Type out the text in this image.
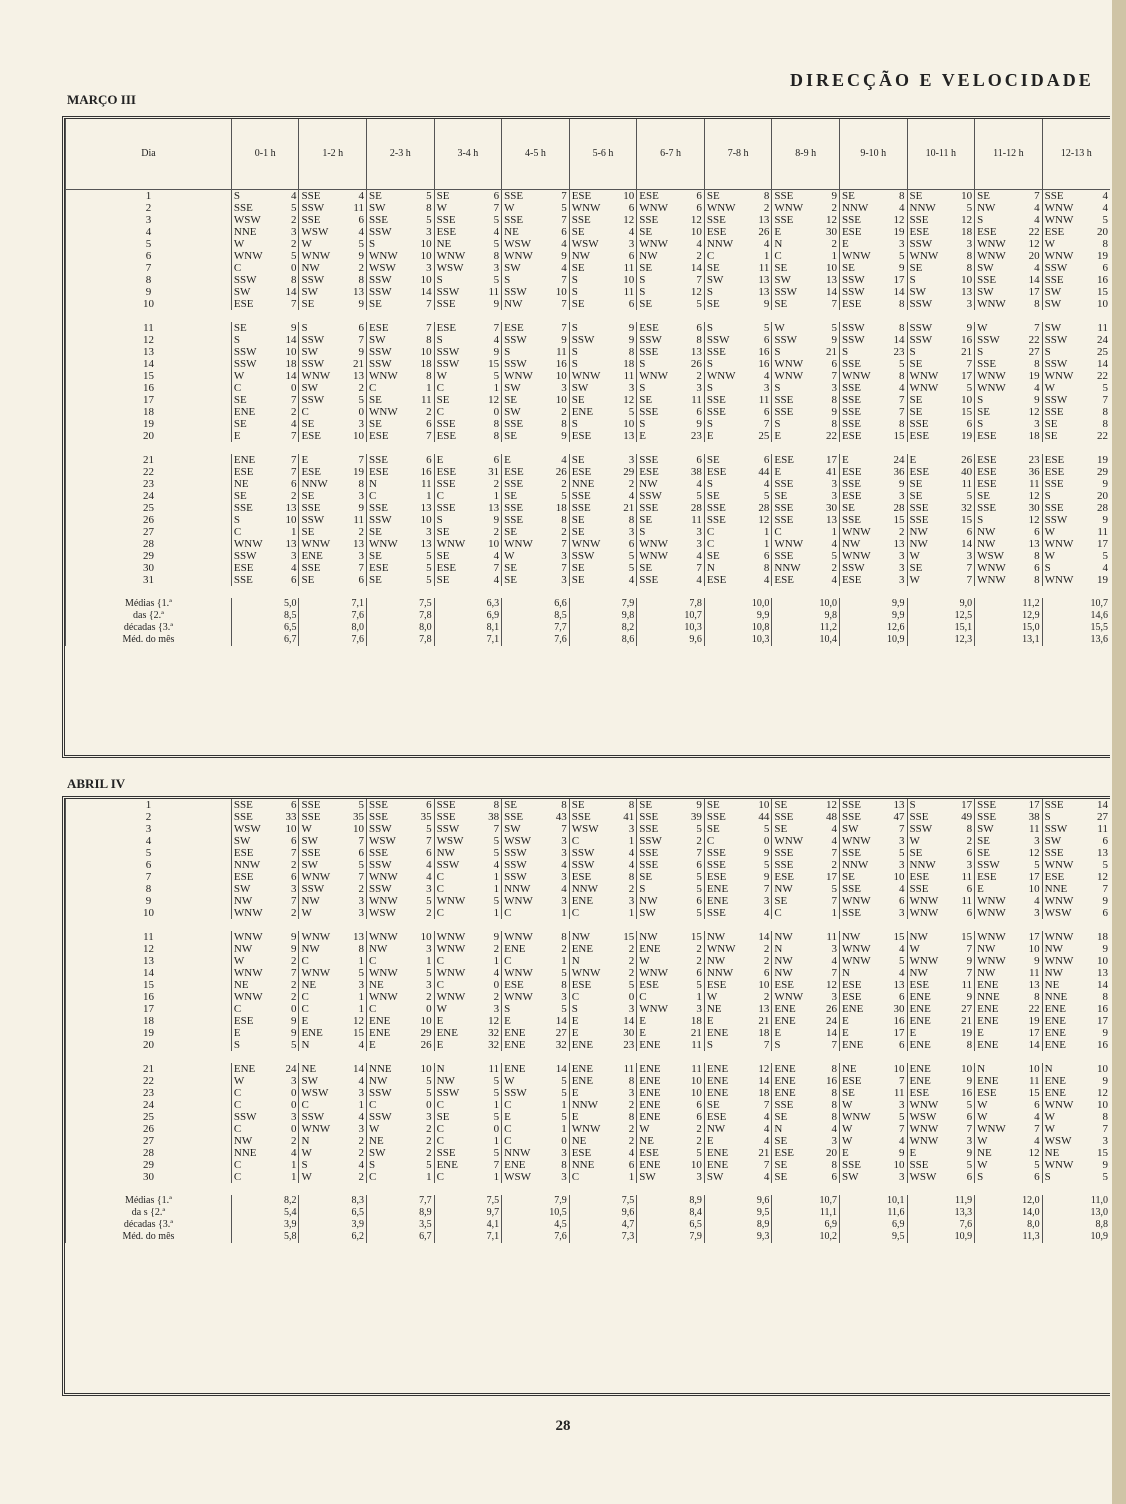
DIRECÇÃO E VELOCIDADE
MARÇO III
Dia	0-1 h		1-2 h		2-3 h		3-4 h		4-5 h		5-6 h		6-7 h		7-8 h		8-9 h		9-10 h		10-11 h		11-12 h		12-13 h	
1	S	4	SSE	4	SE	5	SE	6	SSE	7	ESE	10	ESE	6	SE	8	SSE	9	SE	8	SE	10	SE	7	SSE	4
2	SSE	5	SSW	11	SW	8	W	7	W	5	WNW	6	WNW	6	WNW	2	WNW	2	NNW	4	NNW	5	NW	4	WNW	4
3	WSW	2	SSE	6	SSE	5	SSE	5	SSE	7	SSE	12	SSE	12	SSE	13	SSE	12	SSE	12	SSE	12	S	4	WNW	5
4	NNE	3	WSW	4	SSW	3	ESE	4	NE	6	SE	4	SE	10	ESE	26	E	30	ESE	19	ESE	18	ESE	22	ESE	20
5	W	2	W	5	S	10	NE	5	WSW	4	WSW	3	WNW	4	NNW	4	N	2	E	3	SSW	3	WNW	12	W	8
6	WNW	5	WNW	9	WNW	10	WNW	8	WNW	9	NW	6	NW	2	C	1	C	1	WNW	5	WNW	8	WNW	20	WNW	19
7	C	0	NW	2	WSW	3	WSW	3	SW	4	SE	11	SE	14	SE	11	SE	10	SE	9	SE	8	SW	4	SSW	6
8	SSW	8	SSW	8	SSW	10	S	5	S	7	S	10	S	7	SW	13	SW	13	SSW	17	S	10	SSE	14	SSE	16
9	SW	14	SW	13	SSW	14	SSW	11	SSW	10	S	11	S	12	S	13	SSW	14	SSW	14	SW	13	SW	17	SW	15
10	ESE	7	SE	9	SE	7	SSE	9	NW	7	SE	6	SE	5	SE	9	SE	7	ESE	8	SSW	3	WNW	8	SW	10

11	SE	9	S	6	ESE	7	ESE	7	ESE	7	S	9	ESE	6	S	5	W	5	SSW	8	SSW	9	W	7	SW	11
12	S	14	SSW	7	SW	8	S	4	SSW	9	SSW	9	SSW	8	SSW	6	SSW	9	SSW	14	SSW	16	SSW	22	SSW	24
13	SSW	10	SW	9	SSW	10	SSW	9	S	11	S	8	SSE	13	SSE	16	S	21	S	23	S	21	S	27	S	25
14	SSW	18	SSW	21	SSW	18	SSW	15	SSW	16	S	18	S	26	S	16	WNW	6	SSE	5	SE	7	SSE	8	SSW	14
15	W	14	WNW	13	WNW	8	W	5	WNW	10	WNW	11	WNW	2	WNW	4	WNW	7	WNW	8	WNW	17	WNW	19	WNW	22
16	C	0	SW	2	C	1	C	1	SW	3	SW	3	S	3	S	3	S	3	SSE	4	WNW	5	WNW	4	W	5
17	SE	7	SSW	5	SE	11	SE	12	SE	10	SE	12	SE	11	SSE	11	SSE	8	SSE	7	SE	10	S	9	SSW	7
18	ENE	2	C	0	WNW	2	C	0	SW	2	ENE	5	SSE	6	SSE	6	SSE	9	SSE	7	SE	15	SE	12	SSE	8
19	SE	4	SE	3	SE	6	SSE	8	SSE	8	S	10	S	9	S	7	S	8	SSE	8	SSE	6	S	3	SE	8
20	E	7	ESE	10	ESE	7	ESE	8	SE	9	ESE	13	E	23	E	25	E	22	ESE	15	ESE	19	ESE	18	SE	22

21	ENE	7	E	7	SSE	6	E	6	E	4	SE	3	SSE	6	SE	6	ESE	17	E	24	E	26	ESE	23	ESE	19
22	ESE	7	ESE	19	ESE	16	ESE	31	ESE	26	ESE	29	ESE	38	ESE	44	E	41	ESE	36	ESE	40	ESE	36	ESE	29
23	NE	6	NNW	8	N	11	SSE	2	SSE	2	NNE	2	NW	4	S	4	SSE	3	SSE	9	SE	11	ESE	11	SSE	9
24	SE	2	SE	3	C	1	C	1	SE	5	SSE	4	SSW	5	SE	5	SE	3	ESE	3	SE	5	SE	12	S	20
25	SSE	13	SSE	9	SSE	13	SSE	13	SSE	18	SSE	21	SSE	28	SSE	28	SSE	30	SE	28	SSE	32	SSE	30	SSE	28
26	S	10	SSW	11	SSW	10	S	9	SSE	8	SE	8	SE	11	SSE	12	SSE	13	SSE	15	SSE	15	S	12	SSW	9
27	C	1	SE	2	SE	3	SE	2	SE	2	SE	3	S	3	C	1	C	1	WNW	2	NW	6	NW	6	W	11
28	WNW	13	WNW	13	WNW	13	WNW	10	WNW	7	WNW	6	WNW	3	C	1	WNW	4	NW	13	NW	14	NW	13	WNW	17
29	SSW	3	ENE	3	SE	5	SE	4	W	3	SSW	5	WNW	4	SE	6	SSE	5	WNW	3	W	3	WSW	8	W	5
30	ESE	4	SSE	7	ESE	5	ESE	7	SE	7	SE	5	SE	7	N	8	NNW	2	SSW	3	SE	7	WNW	6	S	4
31	SSE	6	SE	6	SE	5	SE	4	SE	3	SE	4	SSE	4	ESE	4	ESE	4	ESE	3	W	7	WNW	8	WNW	19

Médias {1.ª	5,0		7,1		7,5		6,3		6,6		7,9		7,8		10,0		10,0		9,9		9,0		11,2		10,7	
das {2.ª	8,5		7,6		7,8		6,9		8,5		9,8		10,7		9,9		9,8		9,9		12,5		12,9		14,6	
décadas {3.ª	6,5		8,0		8,0		8,1		7,7		8,2		10,3		10,8		11,2		12,6		15,1		15,0		15,5	
Méd. do mês	6,7		7,6		7,8		7,1		7,6		8,6		9,6		10,3		10,4		10,9		12,3		13,1		13,6	
ABRIL IV
1	SSE	6	SSE	5	SSE	6	SSE	8	SE	8	SE	8	SE	9	SE	10	SE	12	SSE	13	S	17	SSE	17	SSE	14
2	SSE	33	SSE	35	SSE	35	SSE	38	SSE	43	SSE	41	SSE	39	SSE	44	SSE	48	SSE	47	SSE	49	SSE	38	S	27
3	WSW	10	W	10	SSW	5	SSW	7	SW	7	WSW	3	SSE	5	SE	5	SE	4	SW	7	SSW	8	SW	11	SSW	11
4	SW	6	SW	7	WSW	7	WSW	5	WSW	3	C	1	SSW	2	C	0	WNW	4	WNW	3	W	2	SE	3	SW	6
5	ESE	7	SSE	6	SSE	6	NW	5	SSW	3	SSW	4	SSE	7	SSE	9	SSE	7	SSE	5	SE	6	SE	12	SSE	13
6	NNW	2	SW	5	SSW	4	SSW	4	SSW	4	SSW	4	SSE	6	SSE	5	SSE	2	NNW	3	NNW	3	SSW	5	WNW	5
7	ESE	6	WNW	7	WNW	4	C	1	SSW	3	ESE	8	SE	5	ESE	9	ESE	17	SE	10	ESE	11	ESE	17	ESE	12
8	SW	3	SSW	2	SSW	3	C	1	NNW	4	NNW	2	S	5	ENE	7	NW	5	SSE	4	SSE	6	E	10	NNE	7
9	NW	7	NW	3	WNW	5	WNW	5	WNW	3	ENE	3	NW	6	ENE	3	SE	7	WNW	6	WNW	11	WNW	4	WNW	9
10	WNW	2	W	3	WSW	2	C	1	C	1	C	1	SW	5	SSE	4	C	1	SSE	3	WNW	6	WNW	3	WSW	6

11	WNW	9	WNW	13	WNW	10	WNW	9	WNW	8	NW	15	NW	15	NW	14	NW	11	NW	15	NW	15	WNW	17	WNW	18
12	NW	9	NW	8	NW	3	WNW	2	ENE	2	ENE	2	ENE	2	WNW	2	N	3	WNW	4	W	7	NW	10	NW	9
13	W	2	C	1	C	1	C	1	C	1	N	2	W	2	NW	2	NW	4	WNW	5	WNW	9	WNW	9	WNW	10
14	WNW	7	WNW	5	WNW	5	WNW	4	WNW	5	WNW	2	WNW	6	NNW	6	NW	7	N	4	NW	7	NW	11	NW	13
15	NE	2	NE	3	NE	3	C	0	ESE	8	ESE	5	ESE	5	ESE	10	ESE	12	ESE	13	ESE	11	ENE	13	NE	14
16	WNW	2	C	1	WNW	2	WNW	2	WNW	3	C	0	C	1	W	2	WNW	3	ESE	6	ENE	9	NNE	8	NNE	8
17	C	0	C	1	C	0	W	3	S	5	S	3	WNW	3	NE	13	ENE	26	ENE	30	ENE	27	ENE	22	ENE	16
18	ESE	9	E	12	ENE	10	E	12	E	14	E	14	E	18	E	21	ENE	24	E	16	ENE	21	ENE	19	ENE	17
19	E	9	ENE	15	ENE	29	ENE	32	ENE	27	E	30	E	21	ENE	18	E	14	E	17	E	19	E	17	ENE	9
20	S	5	N	4	E	26	E	32	ENE	32	ENE	23	ENE	11	S	7	S	7	ENE	6	ENE	8	ENE	14	ENE	16

21	ENE	24	NE	14	NNE	10	N	11	ENE	14	ENE	11	ENE	11	ENE	12	ENE	8	NE	10	ENE	10	N	10	N	10
22	W	3	SW	4	NW	5	NW	5	W	5	ENE	8	ENE	10	ENE	14	ENE	16	ESE	7	ENE	9	ENE	11	ENE	9
23	C	0	WSW	3	SSW	5	SSW	5	SSW	5	E	3	ENE	10	ENE	18	ENE	8	SE	11	ESE	16	ESE	15	ENE	12
24	C	0	C	1	C	0	C	1	C	1	NNW	2	ENE	6	SE	7	SSE	8	W	3	WNW	5	W	6	WNW	10
25	SSW	3	SSW	4	SSW	3	SE	5	E	5	E	8	ENE	6	ESE	4	SE	8	WNW	5	WSW	6	W	4	W	8
26	C	0	WNW	3	W	2	C	0	C	1	WNW	2	W	2	NW	4	N	4	W	7	WNW	7	WNW	7	W	7
27	NW	2	N	2	NE	2	C	1	C	0	NE	2	NE	2	E	4	SE	3	W	4	WNW	3	W	4	WSW	3
28	NNE	4	W	2	SW	2	SSE	5	NNW	3	ESE	4	ESE	5	ENE	21	ESE	20	E	9	E	9	NE	12	NE	15
29	C	1	S	4	S	5	ENE	7	ENE	8	NNE	6	ENE	10	ENE	7	SE	8	SSE	10	SSE	5	W	5	WNW	9
30	C	1	W	2	C	1	C	1	WSW	3	C	1	SW	3	SW	4	SE	6	SW	3	WSW	6	S	6	S	5

Médias {1.ª	8,2		8,3		7,7		7,5		7,9		7,5		8,9		9,6		10,7		10,1		11,9		12,0		11,0	
da s {2.ª	5,4		6,5		8,9		9,7		10,5		9,6		8,4		9,5		11,1		11,6		13,3		14,0		13,0	
décadas {3.ª	3,9		3,9		3,5		4,1		4,5		4,7		6,5		8,9		6,9		6,9		7,6		8,0		8,8	
Méd. do mês	5,8		6,2		6,7		7,1		7,6		7,3		7,9		9,3		10,2		9,5		10,9		11,3		10,9	
28
